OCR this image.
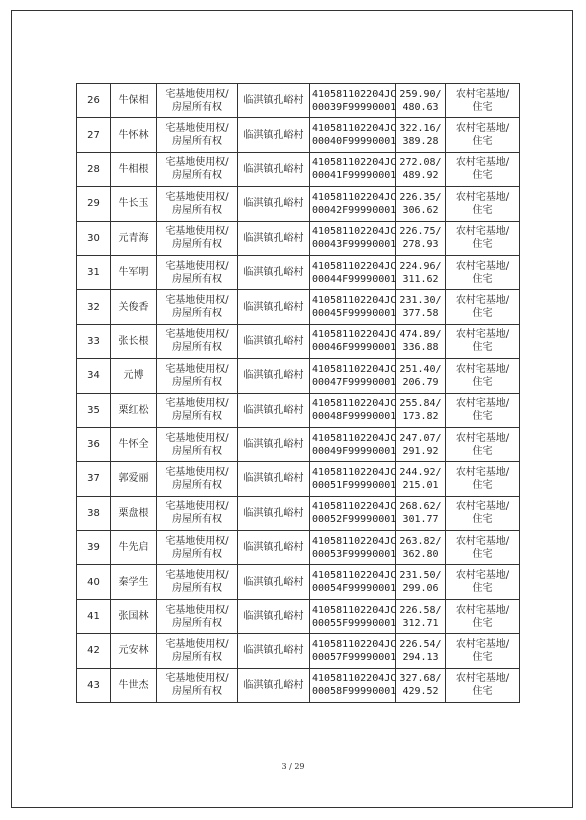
26	牛保相	宅基地使用权/
房屋所有权	临淇镇孔峪村	410581102204JC
00039F99990001	259.90/
480.63	农村宅基地/
住宅

27	牛怀林	宅基地使用权/
房屋所有权	临淇镇孔峪村	410581102204JC
00040F99990001	322.16/
389.28	农村宅基地/
住宅

28	牛相根	宅基地使用权/
房屋所有权	临淇镇孔峪村	410581102204JC
00041F99990001	272.08/
489.92	农村宅基地/
住宅

29	牛长玉	宅基地使用权/
房屋所有权	临淇镇孔峪村	410581102204JC
00042F99990001	226.35/
306.62	农村宅基地/
住宅

30	元青海	宅基地使用权/
房屋所有权	临淇镇孔峪村	410581102204JC
00043F99990001	226.75/
278.93	农村宅基地/
住宅

31	牛军明	宅基地使用权/
房屋所有权	临淇镇孔峪村	410581102204JC
00044F99990001	224.96/
311.62	农村宅基地/
住宅

32	关俊香	宅基地使用权/
房屋所有权	临淇镇孔峪村	410581102204JC
00045F99990001	231.30/
377.58	农村宅基地/
住宅

33	张长根	宅基地使用权/
房屋所有权	临淇镇孔峪村	410581102204JC
00046F99990001	474.89/
336.88	农村宅基地/
住宅

34	元博	宅基地使用权/
房屋所有权	临淇镇孔峪村	410581102204JC
00047F99990001	251.40/
206.79	农村宅基地/
住宅

35	栗红松	宅基地使用权/
房屋所有权	临淇镇孔峪村	410581102204JC
00048F99990001	255.84/
173.82	农村宅基地/
住宅

36	牛怀全	宅基地使用权/
房屋所有权	临淇镇孔峪村	410581102204JC
00049F99990001	247.07/
291.92	农村宅基地/
住宅

37	郭爱丽	宅基地使用权/
房屋所有权	临淇镇孔峪村	410581102204JC
00051F99990001	244.92/
215.01	农村宅基地/
住宅

38	栗盘根	宅基地使用权/
房屋所有权	临淇镇孔峪村	410581102204JC
00052F99990001	268.62/
301.77	农村宅基地/
住宅

39	牛先启	宅基地使用权/
房屋所有权	临淇镇孔峪村	410581102204JC
00053F99990001	263.82/
362.80	农村宅基地/
住宅

40	秦学生	宅基地使用权/
房屋所有权	临淇镇孔峪村	410581102204JC
00054F99990001	231.50/
299.06	农村宅基地/
住宅

41	张国林	宅基地使用权/
房屋所有权	临淇镇孔峪村	410581102204JC
00055F99990001	226.58/
312.71	农村宅基地/
住宅

42	元安林	宅基地使用权/
房屋所有权	临淇镇孔峪村	410581102204JC
00057F99990001	226.54/
294.13	农村宅基地/
住宅

43	牛世杰	宅基地使用权/
房屋所有权	临淇镇孔峪村	410581102204JC
00058F99990001	327.68/
429.52	农村宅基地/
住宅
3 / 29
